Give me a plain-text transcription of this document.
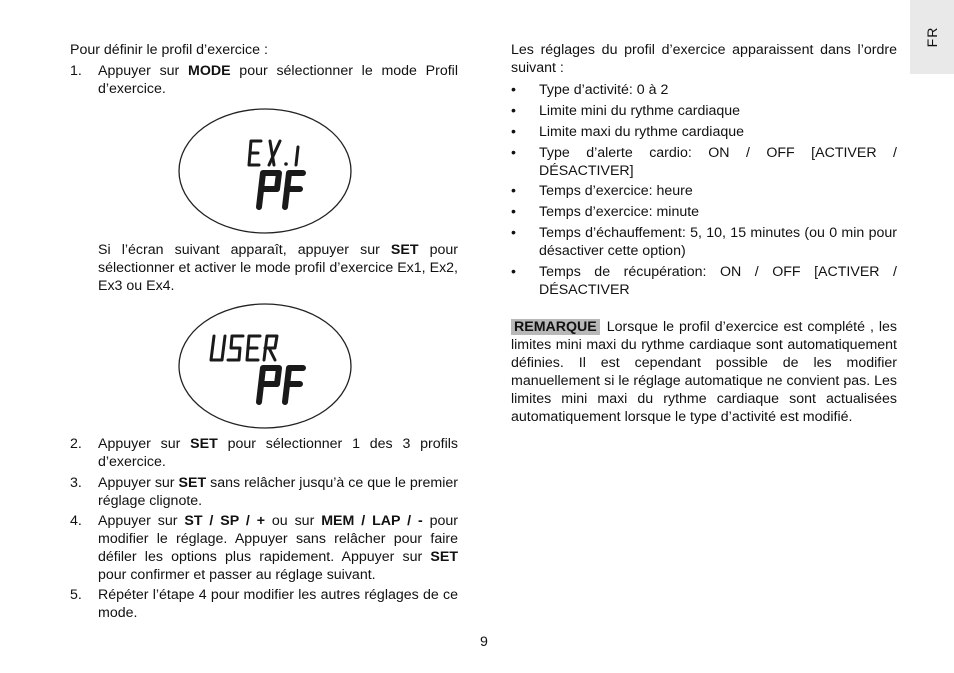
FR
Pour définir le profil d’exercice :
1.	Appuyer sur MODE pour sélectionner le mode Profil d’exercice.
Si l’écran suivant apparaît, appuyer sur SET pour sélectionner et activer le mode profil d’exercice Ex1, Ex2, Ex3 ou Ex4.
2.	Appuyer sur SET pour sélectionner 1 des 3 profils d’exercice.
3.	Appuyer sur SET sans relâcher jusqu’à ce que le premier réglage clignote.
4.	Appuyer sur ST / SP / + ou sur MEM / LAP / - pour modifier le réglage. Appuyer sans relâcher pour faire défiler les options plus rapidement. Appuyer sur SET pour confirmer et passer au réglage suivant.
5.	Répéter l’étape 4 pour modifier les autres réglages de ce mode.
Les réglages du profil d’exercice apparaissent dans l’ordre suivant :
•	Type d’activité: 0 à 2
•	Limite mini du rythme cardiaque
•	Limite maxi du rythme cardiaque
•	Type d’alerte cardio: ON / OFF [ACTIVER / DÉSACTIVER]
•	Temps d’exercice: heure
•	Temps d’exercice: minute
•	Temps d’échauffement: 5, 10, 15 minutes (ou 0 min pour désactiver cette option)
•	Temps de récupération: ON / OFF [ACTIVER / DÉSACTIVER
REMARQUE Lorsque le profil d’exercice est complété , les limites mini maxi du rythme cardiaque sont automatiquement définies. Il est cependant possible de les modifier manuellement si le réglage automatique ne convient pas. Les limites mini maxi du rythme cardiaque sont actualisées automatiquement lorsque le type d’activité est modifié.
9
